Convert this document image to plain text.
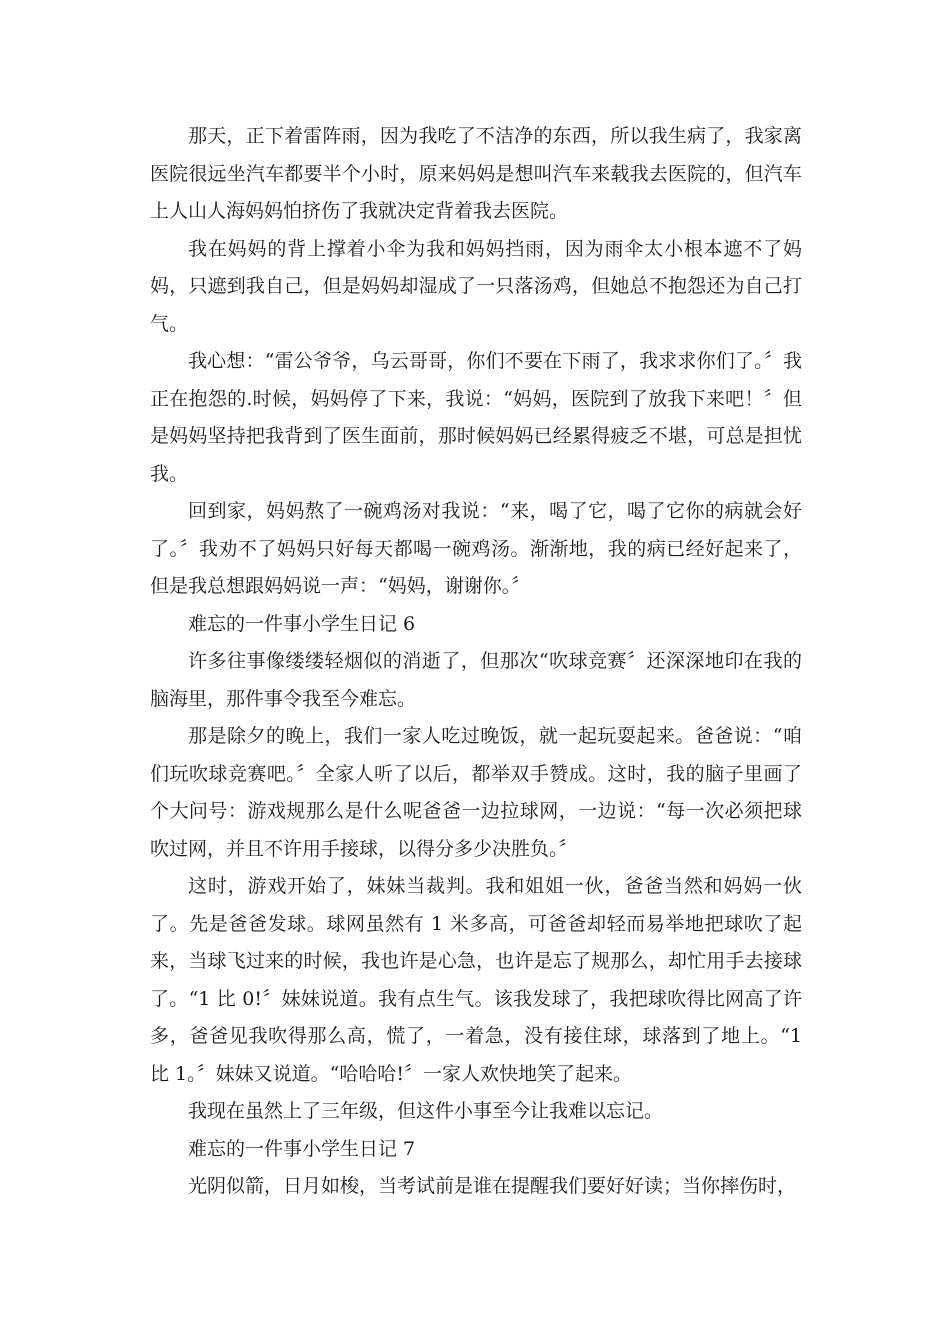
那天，正下着雷阵雨，因为我吃了不洁净的东西，所以我生病了，我家离医院很远坐汽车都要半个小时，原来妈妈是想叫汽车来载我去医院的，但汽车上人山人海妈妈怕挤伤了我就决定背着我去医院。

我在妈妈的背上撑着小伞为我和妈妈挡雨，因为雨伞太小根本遮不了妈妈，只遮到我自己，但是妈妈却湿成了一只落汤鸡，但她总不抱怨还为自己打气。

我心想：“雷公爷爷，乌云哥哥，你们不要在下雨了，我求求你们了。〞我正在抱怨的.时候，妈妈停了下来，我说：“妈妈，医院到了放我下来吧！〞但是妈妈坚持把我背到了医生面前，那时候妈妈已经累得疲乏不堪，可总是担忧我。

回到家，妈妈熬了一碗鸡汤对我说：“来，喝了它，喝了它你的病就会好了。〞我劝不了妈妈只好每天都喝一碗鸡汤。渐渐地，我的病已经好起来了，但是我总想跟妈妈说一声：“妈妈，谢谢你。〞

难忘的一件事小学生日记 6

许多往事像缕缕轻烟似的消逝了，但那次“吹球竞赛〞还深深地印在我的脑海里，那件事令我至今难忘。

那是除夕的晚上，我们一家人吃过晚饭，就一起玩耍起来。爸爸说：“咱们玩吹球竞赛吧。〞全家人听了以后，都举双手赞成。这时，我的脑子里画了个大问号：游戏规那么是什么呢爸爸一边拉球网，一边说：“每一次必须把球吹过网，并且不许用手接球，以得分多少决胜负。〞

这时，游戏开始了，妹妹当裁判。我和姐姐一伙，爸爸当然和妈妈一伙了。先是爸爸发球。球网虽然有 1 米多高，可爸爸却轻而易举地把球吹了起来，当球飞过来的时候，我也许是心急，也许是忘了规那么，却忙用手去接球了。“1 比 0!〞妹妹说道。我有点生气。该我发球了，我把球吹得比网高了许多，爸爸见我吹得那么高，慌了，一着急，没有接住球，球落到了地上。“1 比 1。〞妹妹又说道。“哈哈哈!〞一家人欢快地笑了起来。

我现在虽然上了三年级，但这件小事至今让我难以忘记。

难忘的一件事小学生日记 7

光阴似箭，日月如梭，当考试前是谁在提醒我们要好好读；当你摔伤时，
